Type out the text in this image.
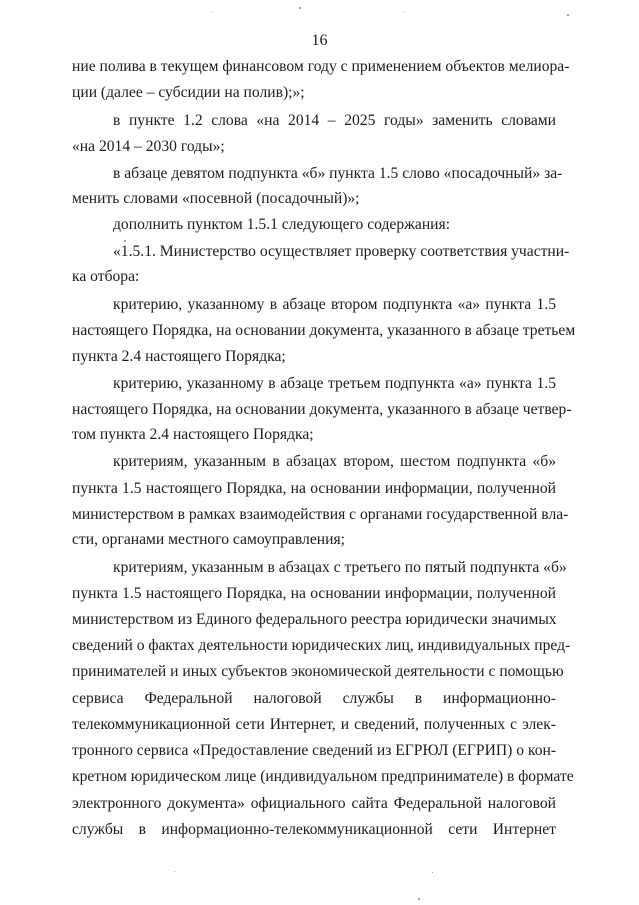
16
ние полива в текущем финансовом году с применением объектов мелиора-
ции (далее – субсидии на полив);»;
в пункте 1.2 слова «на 2014 – 2025 годы» заменить словами
«на 2014 – 2030 годы»;
в абзаце девятом подпункта «б» пункта 1.5 слово «посадочный» за-
менить словами «посевной (посадочный)»;
дополнить пунктом 1.5.1 следующего содержания:
«1.5.1. Министерство осуществляет проверку соответствия участни-
ка отбора:
критерию, указанному в абзаце втором подпункта «а» пункта 1.5
настоящего Порядка, на основании документа, указанного в абзаце третьем
пункта 2.4 настоящего Порядка;
критерию, указанному в абзаце третьем подпункта «а» пункта 1.5
настоящего Порядка, на основании документа, указанного в абзаце четвер-
том пункта 2.4 настоящего Порядка;
критериям, указанным в абзацах втором, шестом подпункта «б»
пункта 1.5 настоящего Порядка, на основании информации, полученной
министерством в рамках взаимодействия с органами государственной вла-
сти, органами местного самоуправления;
критериям, указанным в абзацах с третьего по пятый подпункта «б»
пункта 1.5 настоящего Порядка, на основании информации, полученной
министерством из Единого федерального реестра юридически значимых
сведений о фактах деятельности юридических лиц, индивидуальных пред-
принимателей и иных субъектов экономической деятельности с помощью
сервиса Федеральной налоговой службы в информационно-
телекоммуникационной сети Интернет, и сведений, полученных с элек-
тронного сервиса «Предоставление сведений из ЕГРЮЛ (ЕГРИП) о кон-
кретном юридическом лице (индивидуальном предпринимателе) в формате
электронного документа» официального сайта Федеральной налоговой
службы в информационно-телекоммуникационной сети Интернет
